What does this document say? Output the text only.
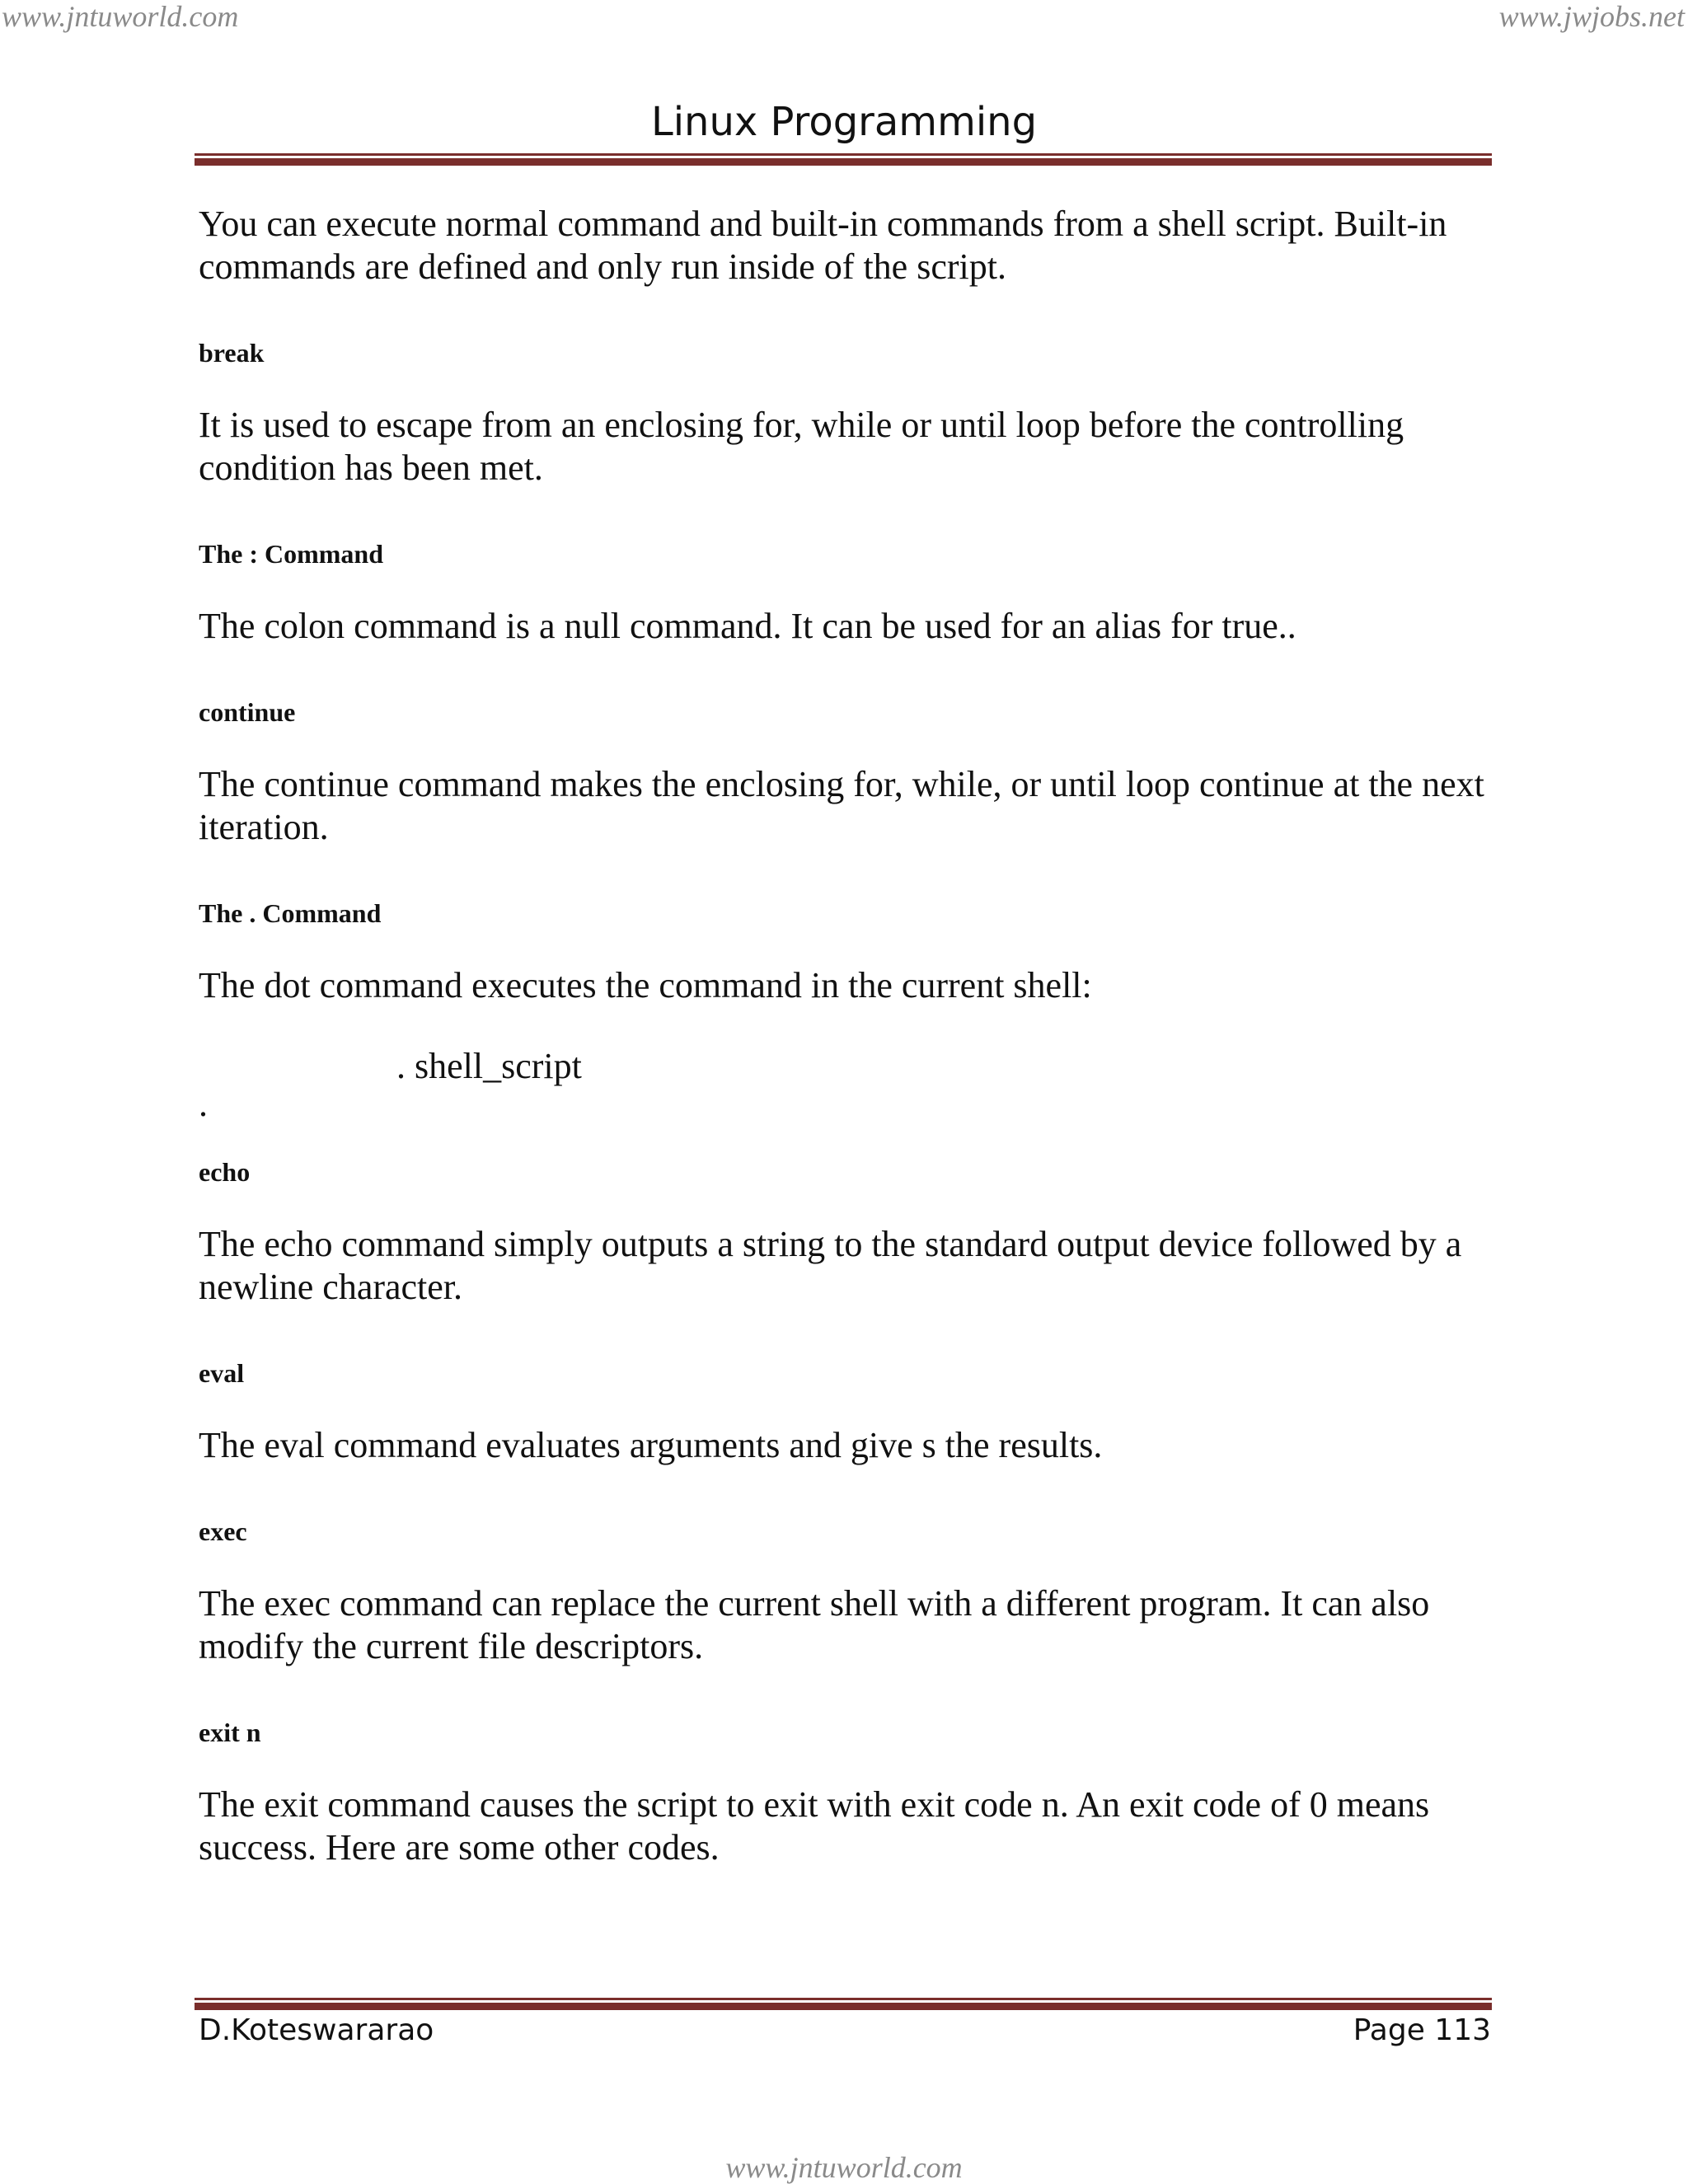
www.jntuworld.com	www.jwjobs.net
Linux Programming

You can execute normal command and built-in commands from a shell script. Built-in commands are defined and only run inside of the script.

break

It is used to escape from an enclosing for, while or until loop before the controlling condition has been met.

The : Command

The colon command is a null command. It can be used for an alias for true..

continue

The continue command makes the enclosing for, while, or until loop continue at the next iteration.

The . Command

The dot command executes the command in the current shell:

. shell_script

.

echo

The echo command simply outputs a string to the standard output device followed by a newline character.

eval

The eval command evaluates arguments and give s the results.

exec

The exec command can replace the current shell with a different program. It can also modify the current file descriptors.

exit n

The exit command causes the script to exit with exit code n. An exit code of 0 means success. Here are some other codes.

D.Koteswararao	Page 113
www.jntuworld.com
